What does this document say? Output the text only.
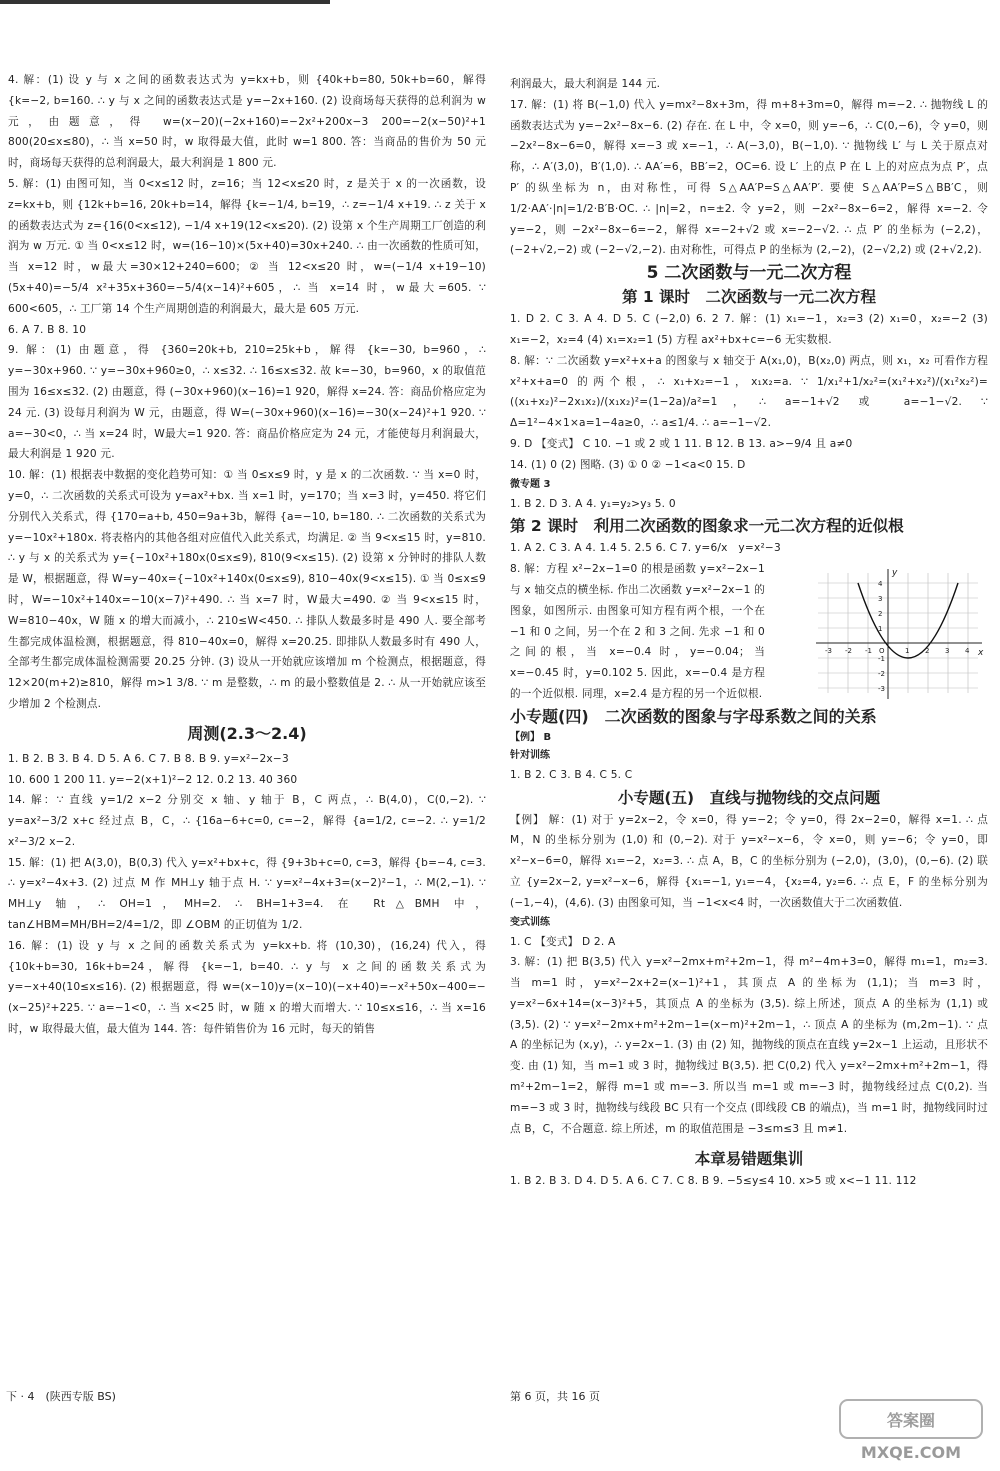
4. 解：(1) 设 y 与 x 之间的函数表达式为 y=kx+b，则 {40k+b=80, 50k+b=60，解得 {k=−2, b=160. ∴ y 与 x 之间的函数表达式是 y=−2x+160. (2) 设商场每天获得的总利润为 w 元，由题意，得 w=(x−20)(−2x+160)=−2x²+200x−3 200=−2(x−50)²+1 800(20≤x≤80)，∴ 当 x=50 时，w 取得最大值，此时 w=1 800. 答：当商品的售价为 50 元时，商场每天获得的总利润最大，最大利润是 1 800 元.

5. 解：(1) 由图可知，当 0<x≤12 时，z=16；当 12<x≤20 时，z 是关于 x 的一次函数，设 z=kx+b，则 {12k+b=16, 20k+b=14，解得 {k=−1/4, b=19，∴ z=−1/4 x+19. ∴ z 关于 x 的函数表达式为 z={16(0<x≤12), −1/4 x+19(12<x≤20). (2) 设第 x 个生产周期工厂创造的利润为 w 万元. ① 当 0<x≤12 时，w=(16−10)×(5x+40)=30x+240. ∴ 由一次函数的性质可知，当 x=12 时，w最大=30×12+240=600；② 当 12<x≤20 时，w=(−1/4 x+19−10)(5x+40)=−5/4 x²+35x+360=−5/4(x−14)²+605，∴ 当 x=14 时，w最大=605. ∵ 600<605，∴ 工厂第 14 个生产周期创造的利润最大，最大是 605 万元.

6. A 7. B 8. 10

9. 解：(1) 由题意，得 {360=20k+b, 210=25k+b，解得 {k=−30, b=960，∴ y=−30x+960. ∵ y=−30x+960≥0，∴ x≤32. ∴ 16≤x≤32. 故 k=−30，b=960，x 的取值范围为 16≤x≤32. (2) 由题意，得 (−30x+960)(x−16)=1 920，解得 x=24. 答：商品价格应定为 24 元. (3) 设每月利润为 W 元，由题意，得 W=(−30x+960)(x−16)=−30(x−24)²+1 920. ∵ a=−30<0，∴ 当 x=24 时，W最大=1 920. 答：商品价格应定为 24 元，才能使每月利润最大，最大利润是 1 920 元.

10. 解：(1) 根据表中数据的变化趋势可知：① 当 0≤x≤9 时，y 是 x 的二次函数. ∵ 当 x=0 时，y=0，∴ 二次函数的关系式可设为 y=ax²+bx. 当 x=1 时，y=170；当 x=3 时，y=450. 将它们分别代入关系式，得 {170=a+b, 450=9a+3b，解得 {a=−10, b=180. ∴ 二次函数的关系式为 y=−10x²+180x. 将表格内的其他各组对应值代入此关系式，均满足. ② 当 9<x≤15 时，y=810. ∴ y 与 x 的关系式为 y={−10x²+180x(0≤x≤9), 810(9<x≤15). (2) 设第 x 分钟时的排队人数是 W，根据题意，得 W=y−40x={−10x²+140x(0≤x≤9), 810−40x(9<x≤15). ① 当 0≤x≤9 时，W=−10x²+140x=−10(x−7)²+490. ∴ 当 x=7 时，W最大=490. ② 当 9<x≤15 时，W=810−40x，W 随 x 的增大而减小，∴ 210≤W<450. ∴ 排队人数最多时是 490 人. 要全部考生都完成体温检测，根据题意，得 810−40x=0，解得 x=20.25. 即排队人数最多时有 490 人，全部考生都完成体温检测需要 20.25 分钟. (3) 设从一开始就应该增加 m 个检测点，根据题意，得 12×20(m+2)≥810，解得 m>1 3/8. ∵ m 是整数，∴ m 的最小整数值是 2. ∴ 从一开始就应该至少增加 2 个检测点.

周测(2.3～2.4)

1. B 2. B 3. B 4. D 5. A 6. C 7. B 8. B 9. y=x²−2x−3

10. 600 1 200 11. y=−2(x+1)²−2 12. 0.2 13. 40 360

14. 解：∵ 直线 y=1/2 x−2 分别交 x 轴、y 轴于 B，C 两点，∴ B(4,0)，C(0,−2). ∵ y=ax²−3/2 x+c 经过点 B，C，∴ {16a−6+c=0, c=−2，解得 {a=1/2, c=−2. ∴ y=1/2 x²−3/2 x−2.

15. 解：(1) 把 A(3,0)，B(0,3) 代入 y=x²+bx+c，得 {9+3b+c=0, c=3，解得 {b=−4, c=3. ∴ y=x²−4x+3. (2) 过点 M 作 MH⊥y 轴于点 H. ∵ y=x²−4x+3=(x−2)²−1，∴ M(2,−1). ∵ MH⊥y 轴，∴ OH=1，MH=2. ∴ BH=1+3=4. 在 Rt△BMH 中，tan∠HBM=MH/BH=2/4=1/2，即 ∠OBM 的正切值为 1/2.

16. 解：(1) 设 y 与 x 之间的函数关系式为 y=kx+b. 将 (10,30)，(16,24) 代入，得 {10k+b=30, 16k+b=24，解得 {k=−1, b=40. ∴ y 与 x 之间的函数关系式为 y=−x+40(10≤x≤16). (2) 根据题意，得 w=(x−10)y=(x−10)(−x+40)=−x²+50x−400=−(x−25)²+225. ∵ a=−1<0，∴ 当 x<25 时，w 随 x 的增大而增大. ∵ 10≤x≤16，∴ 当 x=16 时，w 取得最大值，最大值为 144. 答：每件销售价为 16 元时，每天的销售

利润最大，最大利润是 144 元.

17. 解：(1) 将 B(−1,0) 代入 y=mx²−8x+3m，得 m+8+3m=0，解得 m=−2. ∴ 抛物线 L 的函数表达式为 y=−2x²−8x−6. (2) 存在. 在 L 中，令 x=0，则 y=−6，∴ C(0,−6)，令 y=0，则 −2x²−8x−6=0，解得 x=−3 或 x=−1，∴ A(−3,0)，B(−1,0). ∵ 抛物线 L′ 与 L 关于原点对称，∴ A′(3,0)，B′(1,0). ∴ AA′=6，BB′=2，OC=6. 设 L′ 上的点 P 在 L 上的对应点为点 P′，点 P′ 的纵坐标为 n，由对称性，可得 S△AA′P=S△AA′P′. 要使 S△AA′P=S△BB′C，则 1/2·AA′·|n|=1/2·B′B·OC. ∴ |n|=2，n=±2. 令 y=2，则 −2x²−8x−6=2，解得 x=−2. 令 y=−2，则 −2x²−8x−6=−2，解得 x=−2+√2 或 x=−2−√2. ∴ 点 P′ 的坐标为 (−2,2)，(−2+√2,−2) 或 (−2−√2,−2). 由对称性，可得点 P 的坐标为 (2,−2)，(2−√2,2) 或 (2+√2,2).

5 二次函数与一元二次方程
第 1 课时　二次函数与一元二次方程

1. D 2. C 3. A 4. D 5. C (−2,0) 6. 2 7. 解：(1) x₁=−1，x₂=3 (2) x₁=0，x₂=−2 (3) x₁=−2，x₂=4 (4) x₁=x₂=1 (5) 方程 ax²+bx+c=−6 无实数根.

8. 解：∵ 二次函数 y=x²+x+a 的图象与 x 轴交于 A(x₁,0)，B(x₂,0) 两点，则 x₁，x₂ 可看作方程 x²+x+a=0 的两个根，∴ x₁+x₂=−1，x₁x₂=a. ∵ 1/x₁²+1/x₂²=(x₁²+x₂²)/(x₁²x₂²)=((x₁+x₂)²−2x₁x₂)/(x₁x₂)²=(1−2a)/a²=1，∴ a=−1+√2 或 a=−1−√2. ∵ Δ=1²−4×1×a=1−4a≥0，∴ a≤1/4. ∴ a=−1−√2.

9. D 【变式】 C 10. −1 或 2 或 1 11. B 12. B 13. a>−9/4 且 a≠0

14. (1) 0 (2) 图略. (3) ① 0 ② −1<a<0 15. D

微专题 3

1. B 2. D 3. A 4. y₁=y₂>y₃ 5. 0

第 2 课时　利用二次函数的图象求一元二次方程的近似根

1. A 2. C 3. A 4. 1.4 5. 2.5 6. C 7. y=6/x　y=x²−3

8. 解：方程 x²−2x−1=0 的根是函数 y=x²−2x−1 与 x 轴交点的横坐标. 作出二次函数 y=x²−2x−1 的图象，如图所示. 由图象可知方程有两个根，一个在 −1 和 0 之间，另一个在 2 和 3 之间. 先求 −1 和 0 之间的根，当 x=−0.4 时，y=−0.04；当 x=−0.45 时，y=0.102 5. 因此，x=−0.4 是方程的一个近似根. 同理，x=2.4 是方程的另一个近似根.

x
y
-3 -2 -1 O	1 2 3 4
4
3
2
1
-1
-2
-3
小专题(四)　二次函数的图象与字母系数之间的关系
【例】 B
针对训练

1. B 2. C 3. B 4. C 5. C

小专题(五)　直线与抛物线的交点问题

【例】 解：(1) 对于 y=2x−2，令 x=0，得 y=−2；令 y=0，得 2x−2=0，解得 x=1. ∴ 点 M，N 的坐标分别为 (1,0) 和 (0,−2). 对于 y=x²−x−6，令 x=0，则 y=−6；令 y=0，即 x²−x−6=0，解得 x₁=−2，x₂=3. ∴ 点 A，B，C 的坐标分别为 (−2,0)，(3,0)，(0,−6). (2) 联立 {y=2x−2, y=x²−x−6，解得 {x₁=−1, y₁=−4，{x₂=4, y₂=6. ∴ 点 E，F 的坐标分别为 (−1,−4)，(4,6). (3) 由图象可知，当 −1<x<4 时，一次函数值大于二次函数值.

变式训练

1. C 【变式】 D 2. A

3. 解：(1) 把 B(3,5) 代入 y=x²−2mx+m²+2m−1，得 m²−4m+3=0，解得 m₁=1，m₂=3. 当 m=1 时，y=x²−2x+2=(x−1)²+1，其顶点 A 的坐标为 (1,1)；当 m=3 时，y=x²−6x+14=(x−3)²+5，其顶点 A 的坐标为 (3,5). 综上所述，顶点 A 的坐标为 (1,1) 或 (3,5). (2) ∵ y=x²−2mx+m²+2m−1=(x−m)²+2m−1，∴ 顶点 A 的坐标为 (m,2m−1). ∵ 点 A 的坐标记为 (x,y)，∴ y=2x−1. (3) 由 (2) 知，抛物线的顶点在直线 y=2x−1 上运动，且形状不变. 由 (1) 知，当 m=1 或 3 时，抛物线过 B(3,5). 把 C(0,2) 代入 y=x²−2mx+m²+2m−1，得 m²+2m−1=2，解得 m=1 或 m=−3. 所以当 m=1 或 m=−3 时，抛物线经过点 C(0,2). 当 m=−3 或 3 时，抛物线与线段 BC 只有一个交点 (即线段 CB 的端点)，当 m=1 时，抛物线同时过点 B，C，不合题意. 综上所述，m 的取值范围是 −3≤m≤3 且 m≠1.

本章易错题集训

1. B 2. B 3. D 4. D 5. A 6. C 7. C 8. B 9. −5≤y≤4 10. x>5 或 x<−1 11. 112

下 · 4　(陕西专版 BS)	第 6 页，共 16 页
答案圈
MXQE.COM
